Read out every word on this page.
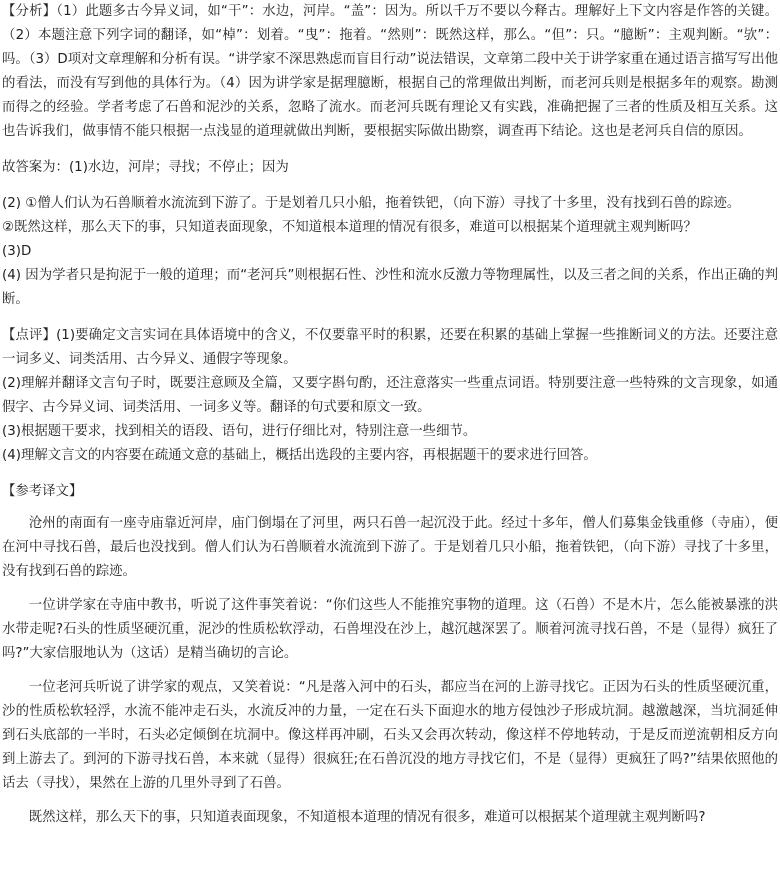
【分析】（1）此题多古今异义词，如“干”：水边，河岸。“盖”：因为。所以千万不要以今释古。理解好上下文内容是作答的关键。（2）本题注意下列字词的翻译，如“棹”：划着。“曳”：拖着。“然则”：既然这样，那么。“但”：只。“臆断”：主观判断。“欤”：吗。（3）D项对文章理解和分析有误。“讲学家不深思熟虑而盲目行动”说法错误，文章第二段中关于讲学家重在通过语言描写写出他的看法，而没有写到他的具体行为。（4）因为讲学家是据理臆断，根据自己的常理做出判断，而老河兵则是根据多年的观察。勘测而得之的经验。学者考虑了石兽和泥沙的关系，忽略了流水。而老河兵既有理论又有实践，准确把握了三者的性质及相互关系。这也告诉我们，做事情不能只根据一点浅显的道理就做出判断，要根据实际做出勘察，调查再下结论。这也是老河兵自信的原因。

故答案为：(1)水边，河岸；寻找；不停止；因为

(2) ①僧人们认为石兽顺着水流流到下游了。于是划着几只小船，拖着铁钯，（向下游）寻找了十多里，没有找到石兽的踪迹。

②既然这样，那么天下的事，只知道表面现象，不知道根本道理的情况有很多，难道可以根据某个道理就主观判断吗？

(3)D

(4) 因为学者只是拘泥于一般的道理；而“老河兵”则根据石性、沙性和流水反激力等物理属性，以及三者之间的关系，作出正确的判断。

【点评】(1)要确定文言实词在具体语境中的含义，不仅要靠平时的积累，还要在积累的基础上掌握一些推断词义的方法。还要注意一词多义、词类活用、古今异义、通假字等现象。

(2)理解并翻译文言句子时，既要注意顾及全篇，又要字斟句酌，还注意落实一些重点词语。特别要注意一些特殊的文言现象，如通假字、古今异义词、词类活用、一词多义等。翻译的句式要和原文一致。

(3)根据题干要求，找到相关的语段、语句，进行仔细比对，特别注意一些细节。

(4)理解文言文的内容要在疏通文意的基础上，概括出选段的主要内容，再根据题干的要求进行回答。

【参考译文】

沧州的南面有一座寺庙靠近河岸，庙门倒塌在了河里，两只石兽一起沉没于此。经过十多年，僧人们募集金钱重修（寺庙），便在河中寻找石兽，最后也没找到。僧人们认为石兽顺着水流流到下游了。于是划着几只小船，拖着铁钯，（向下游）寻找了十多里，没有找到石兽的踪迹。

一位讲学家在寺庙中教书，听说了这件事笑着说：“你们这些人不能推究事物的道理。这（石兽）不是木片，怎么能被暴涨的洪水带走呢?石头的性质坚硬沉重，泥沙的性质松软浮动，石兽埋没在沙上，越沉越深罢了。顺着河流寻找石兽，不是（显得）疯狂了吗?”大家信服地认为（这话）是精当确切的言论。

一位老河兵听说了讲学家的观点，又笑着说：“凡是落入河中的石头，都应当在河的上游寻找它。正因为石头的性质坚硬沉重，沙的性质松软轻浮，水流不能冲走石头，水流反冲的力量，一定在石头下面迎水的地方侵蚀沙子形成坑洞。越激越深，当坑洞延伸到石头底部的一半时，石头必定倾倒在坑洞中。像这样再冲刷，石头又会再次转动，像这样不停地转动，于是反而逆流朝相反方向到上游去了。到河的下游寻找石兽，本来就（显得）很疯狂;在石兽沉没的地方寻找它们，不是（显得）更疯狂了吗?”结果依照他的话去（寻找），果然在上游的几里外寻到了石兽。

既然这样，那么天下的事，只知道表面现象，不知道根本道理的情况有很多，难道可以根据某个道理就主观判断吗?
